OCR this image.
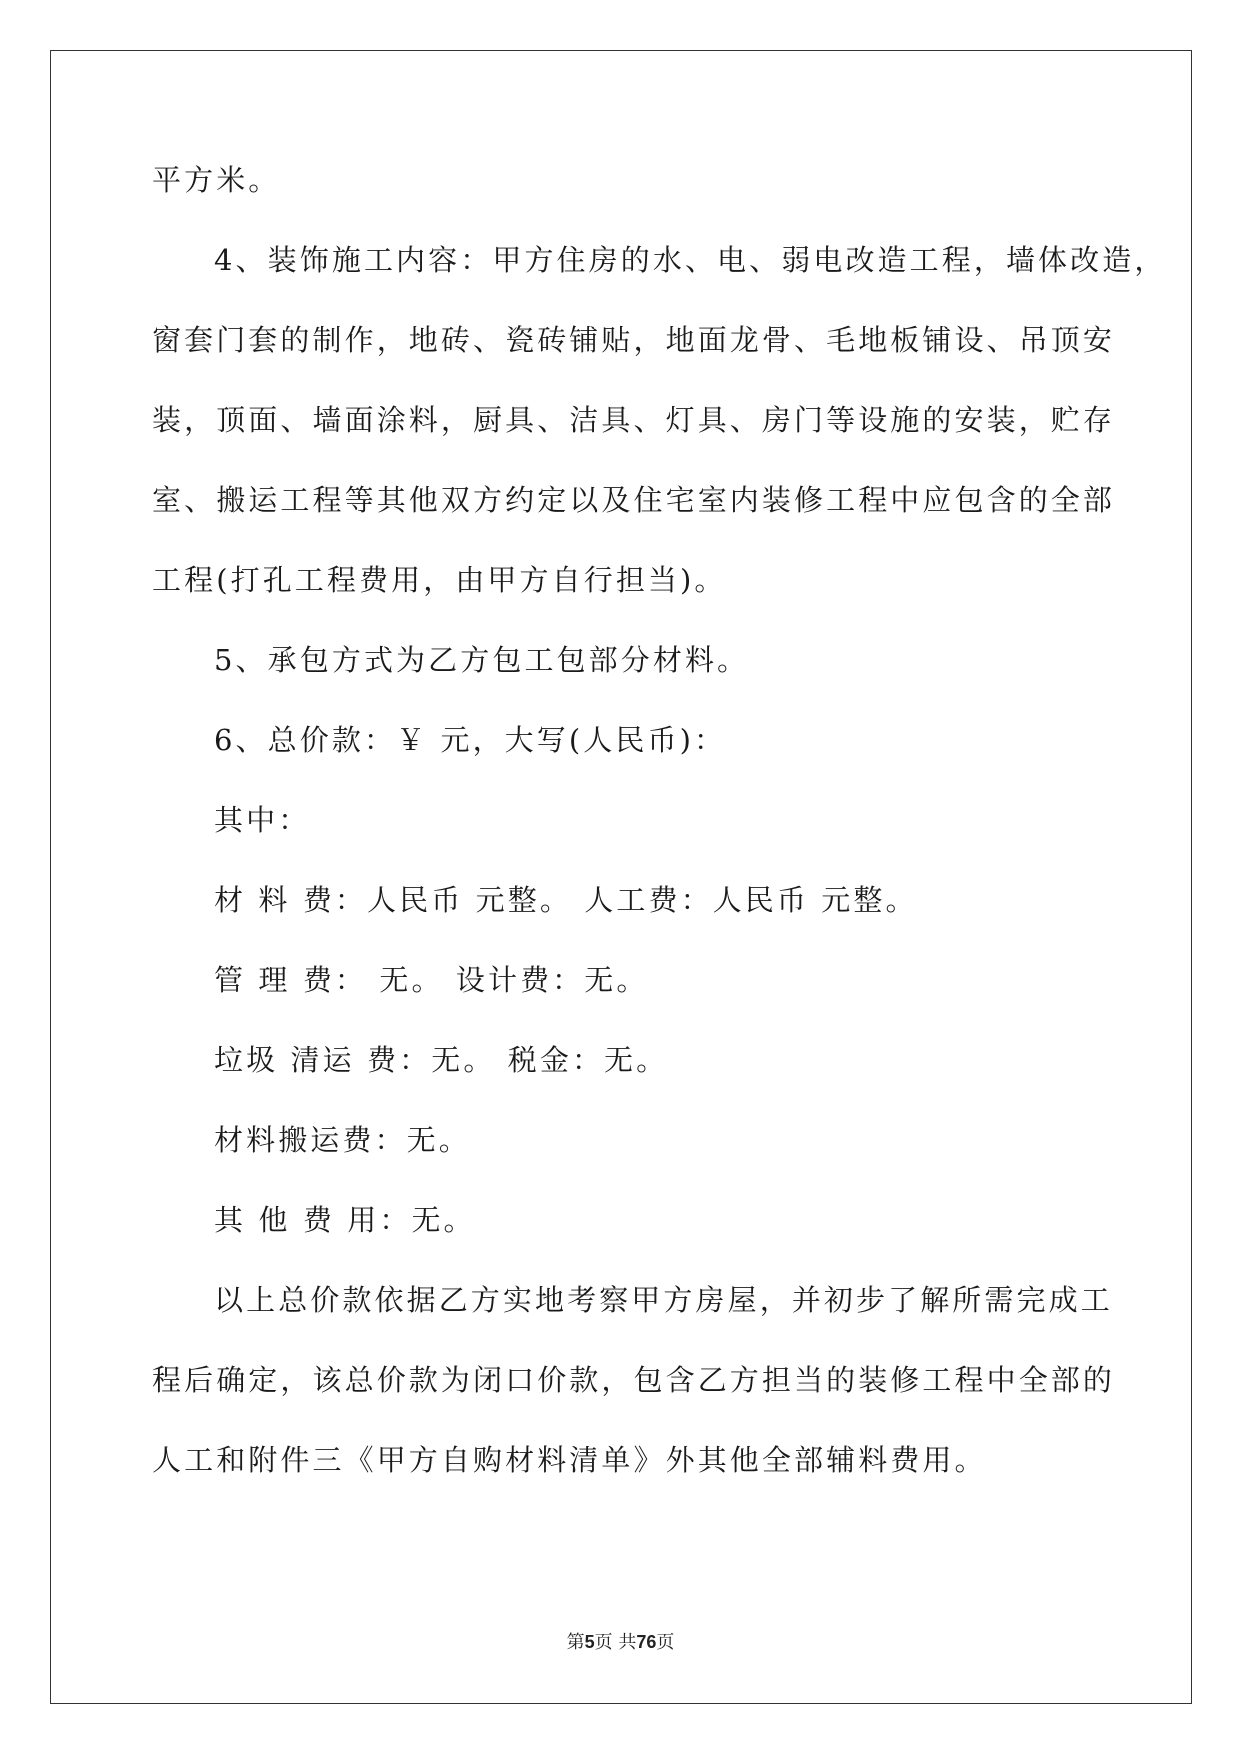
平方米。
4、装饰施工内容：甲方住房的水、电、弱电改造工程，墙体改造，
窗套门套的制作，地砖、瓷砖铺贴，地面龙骨、毛地板铺设、吊顶安
装，顶面、墙面涂料，厨具、洁具、灯具、房门等设施的安装，贮存
室、搬运工程等其他双方约定以及住宅室内装修工程中应包含的全部
工程(打孔工程费用，由甲方自行担当)。
5、承包方式为乙方包工包部分材料。
6、总价款：￥ 元，大写(人民币)：
其中：
材 料 费：人民币 元整。 人工费：人民币 元整。
管 理 费： 无。 设计费：无。
垃圾 清运 费：无。 税金：无。
材料搬运费：无。
其 他 费 用：无。
以上总价款依据乙方实地考察甲方房屋，并初步了解所需完成工
程后确定，该总价款为闭口价款，包含乙方担当的装修工程中全部的
人工和附件三《甲方自购材料清单》外其他全部辅料费用。
第5页 共76页
